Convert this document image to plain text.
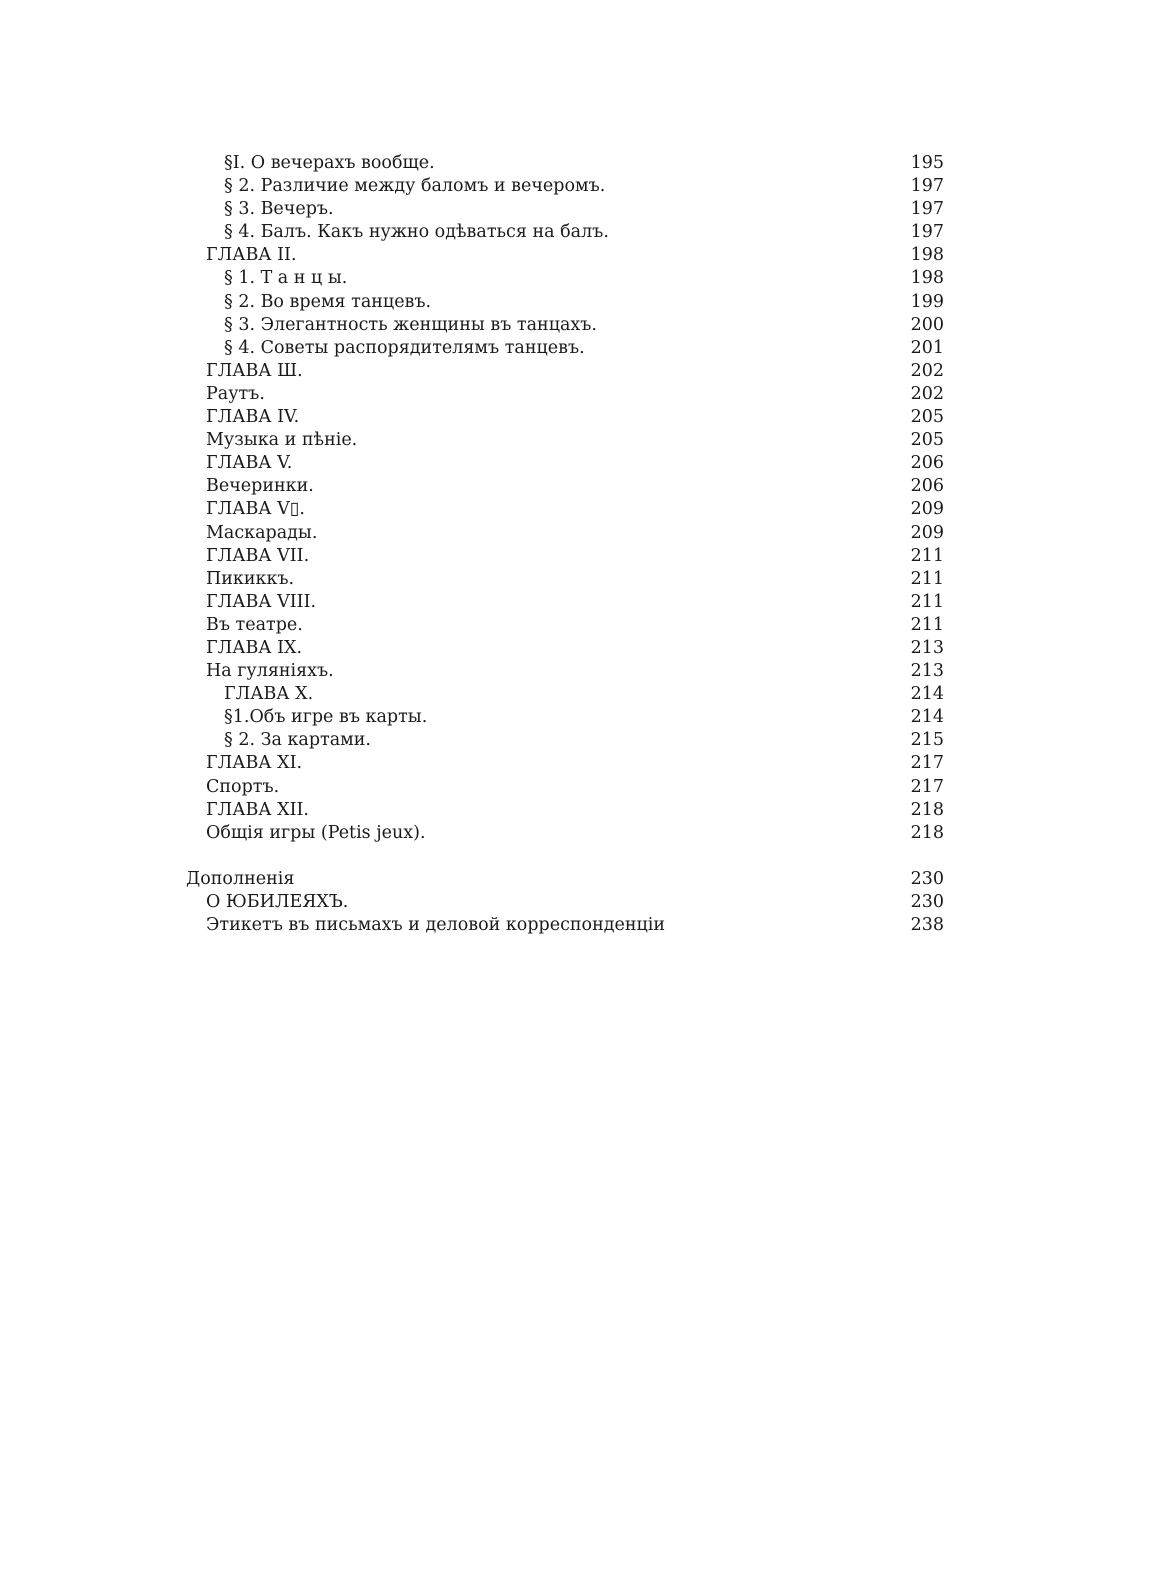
§I. О вечерахъ вообще.	195
§ 2. Различие между баломъ и вечеромъ.	197
§ 3. Вечеръ.	197
§ 4. Балъ. Какъ нужно одѣваться на балъ.	197
ГЛАВА II.	198
§ 1. Т а н ц ы.	198
§ 2. Во время танцевъ.	199
§ 3. Элегантность женщины въ танцахъ.	200
§ 4. Советы распорядителямъ танцевъ.	201
ГЛАВА Ш.	202
Раутъ.	202
ГЛАВА IV.	205
Музыка и пѣніе.	205
ГЛАВА V.	206
Вечеринки.	206
ГЛАВА V▯.	209
Маскарады.	209
ГЛАВА VII.	211
Пикиккъ.	211
ГЛАВА VIII.	211
Въ театре.	211
ГЛАВА IX.	213
На гуляніяхъ.	213
ГЛАВА X.	214
§1.Объ игре въ карты.	214
§ 2. За картами.	215
ГЛАВА XI.	217
Спортъ.	217
ГЛАВА XII.	218
Общія игры (Petis jeux).	218
Дополненія	230
О ЮБИЛЕЯХЪ.	230
Этикетъ въ письмахъ и деловой корреспонденціи	238
